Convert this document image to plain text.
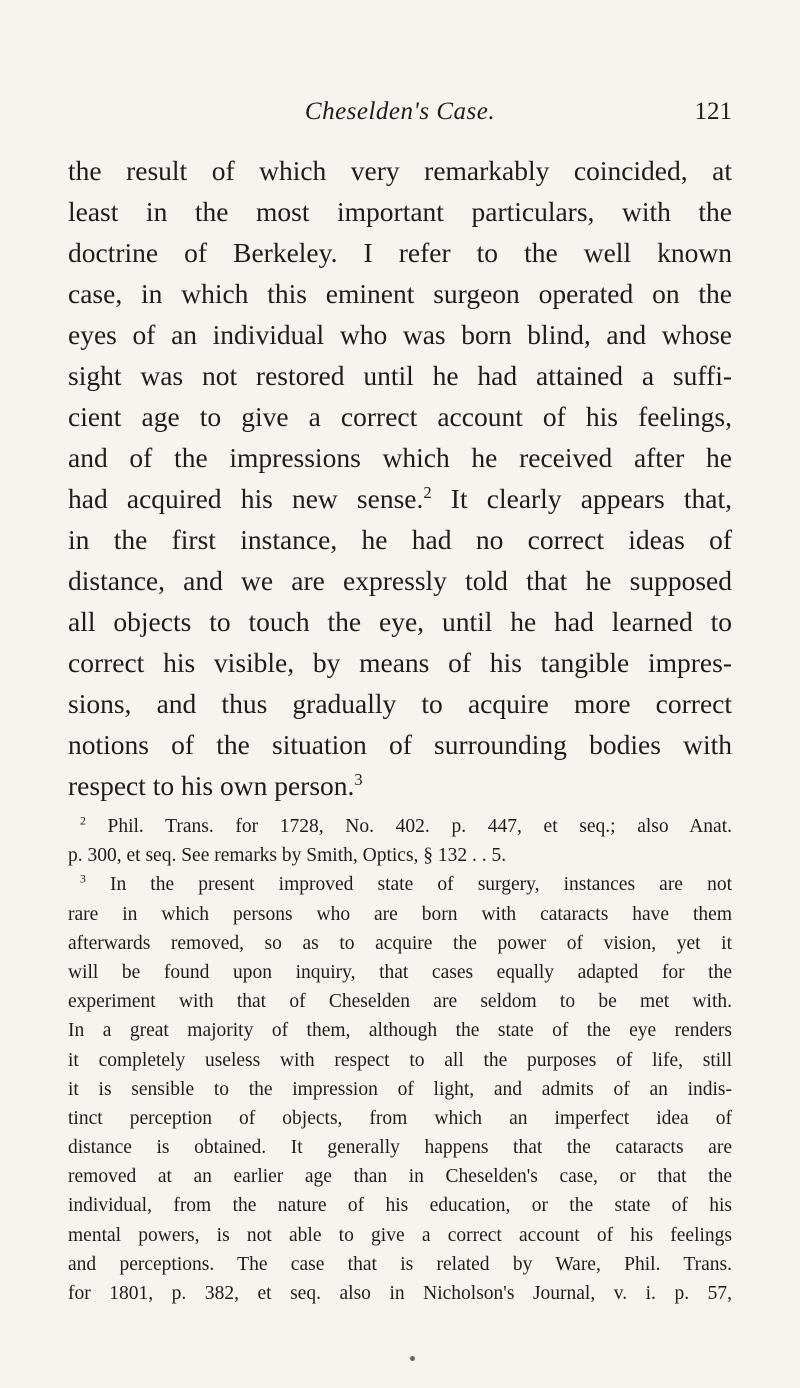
Cheselden's Case.	121
the result of which very remarkably coincided, at
least in the most important particulars, with the
doctrine of Berkeley. I refer to the well known
case, in which this eminent surgeon operated on the
eyes of an individual who was born blind, and whose
sight was not restored until he had attained a suffi-
cient age to give a correct account of his feelings,
and of the impressions which he received after he
had acquired his new sense.$^2$ It clearly appears that,
in the first instance, he had no correct ideas of
distance, and we are expressly told that he supposed
all objects to touch the eye, until he had learned to
correct his visible, by means of his tangible impres-
sions, and thus gradually to acquire more correct
notions of the situation of surrounding bodies with
respect to his own person.$^3$
$^2$ Phil. Trans. for 1728, No. 402. p. 447, et seq.; also Anat.
p. 300, et seq. See remarks by Smith, Optics, § 132 . . 5.
$^3$ In the present improved state of surgery, instances are not
rare in which persons who are born with cataracts have them
afterwards removed, so as to acquire the power of vision, yet it
will be found upon inquiry, that cases equally adapted for the
experiment with that of Cheselden are seldom to be met with.
In a great majority of them, although the state of the eye renders
it completely useless with respect to all the purposes of life, still
it is sensible to the impression of light, and admits of an indis-
tinct perception of objects, from which an imperfect idea of
distance is obtained. It generally happens that the cataracts are
removed at an earlier age than in Cheselden's case, or that the
individual, from the nature of his education, or the state of his
mental powers, is not able to give a correct account of his feelings
and perceptions. The case that is related by Ware, Phil. Trans.
for 1801, p. 382, et seq. also in Nicholson's Journal, v. i. p. 57,
